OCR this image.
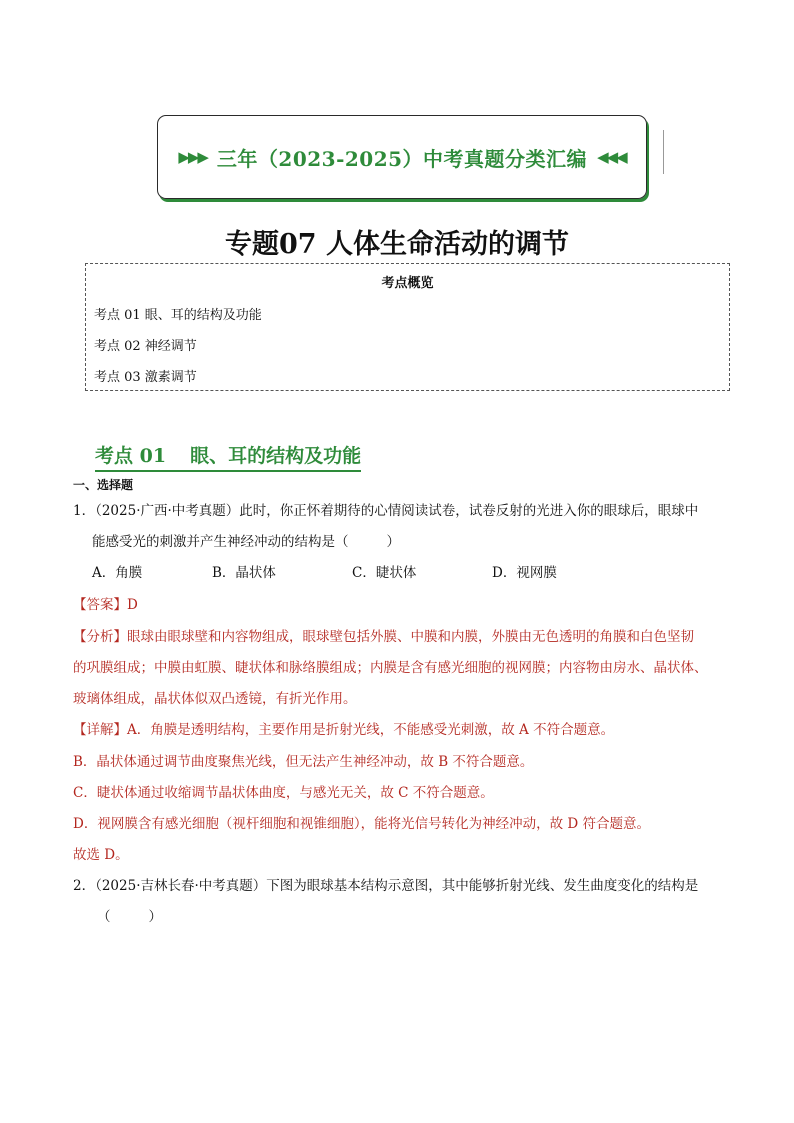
▶▶▶ 三年（2023-2025）中考真题分类汇编 ◀◀◀
专题07 人体生命活动的调节
考点概览
考点 01 眼、耳的结构及功能
考点 02 神经调节
考点 03 激素调节
考点 01 眼、耳的结构及功能
一、选择题
1．（2025·广西·中考真题）此时，你正怀着期待的心情阅读试卷，试卷反射的光进入你的眼球后，眼球中
能感受光的刺激并产生神经冲动的结构是（	）
A．角膜	B．晶状体	C．睫状体	D．视网膜
【答案】D
【分析】眼球由眼球壁和内容物组成，眼球壁包括外膜、中膜和内膜，外膜由无色透明的角膜和白色坚韧
的巩膜组成；中膜由虹膜、睫状体和脉络膜组成；内膜是含有感光细胞的视网膜；内容物由房水、晶状体、
玻璃体组成，晶状体似双凸透镜，有折光作用。
【详解】A．角膜是透明结构，主要作用是折射光线，不能感受光刺激，故 A 不符合题意。
B．晶状体通过调节曲度聚焦光线，但无法产生神经冲动，故 B 不符合题意。
C．睫状体通过收缩调节晶状体曲度，与感光无关，故 C 不符合题意。
D．视网膜含有感光细胞（视杆细胞和视锥细胞），能将光信号转化为神经冲动，故 D 符合题意。
故选 D。
2．（2025·吉林长春·中考真题）下图为眼球基本结构示意图，其中能够折射光线、发生曲度变化的结构是
（	）
